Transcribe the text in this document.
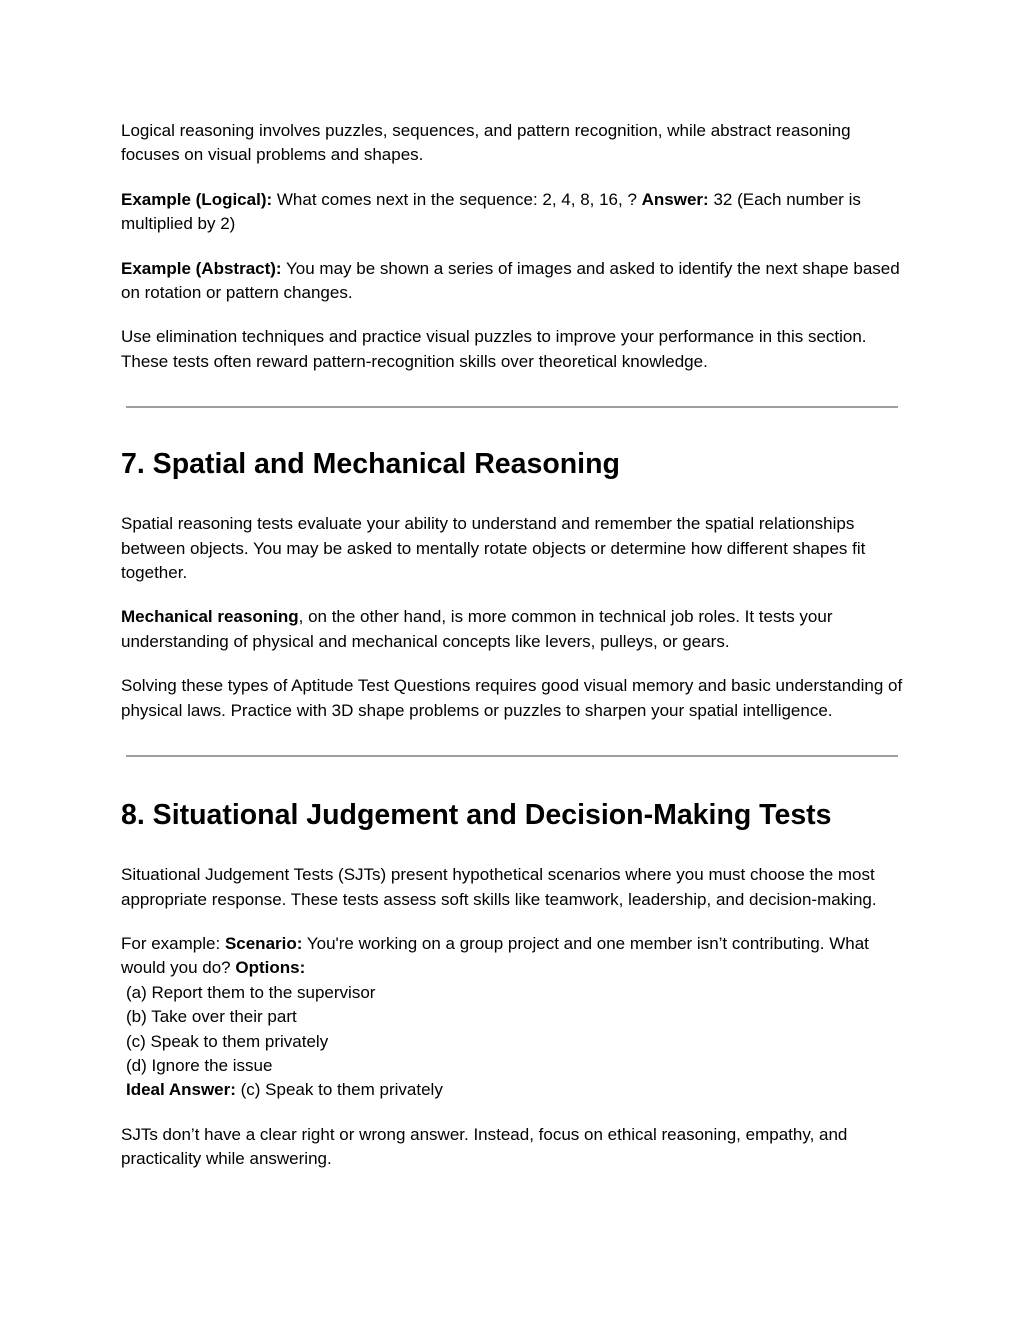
Logical reasoning involves puzzles, sequences, and pattern recognition, while abstract reasoning focuses on visual problems and shapes.

Example (Logical): What comes next in the sequence: 2, 4, 8, 16, ? Answer: 32 (Each number is multiplied by 2)

Example (Abstract): You may be shown a series of images and asked to identify the next shape based on rotation or pattern changes.

Use elimination techniques and practice visual puzzles to improve your performance in this section. These tests often reward pattern-recognition skills over theoretical knowledge.

7. Spatial and Mechanical Reasoning

Spatial reasoning tests evaluate your ability to understand and remember the spatial relationships between objects. You may be asked to mentally rotate objects or determine how different shapes fit together.

Mechanical reasoning, on the other hand, is more common in technical job roles. It tests your understanding of physical and mechanical concepts like levers, pulleys, or gears.

Solving these types of Aptitude Test Questions requires good visual memory and basic understanding of physical laws. Practice with 3D shape problems or puzzles to sharpen your spatial intelligence.

8. Situational Judgement and Decision-Making Tests

Situational Judgement Tests (SJTs) present hypothetical scenarios where you must choose the most appropriate response. These tests assess soft skills like teamwork, leadership, and decision-making.

For example: Scenario: You're working on a group project and one member isn’t contributing. What would you do? Options:
(a) Report them to the supervisor
(b) Take over their part
(c) Speak to them privately
(d) Ignore the issue
Ideal Answer: (c) Speak to them privately

SJTs don’t have a clear right or wrong answer. Instead, focus on ethical reasoning, empathy, and practicality while answering.
